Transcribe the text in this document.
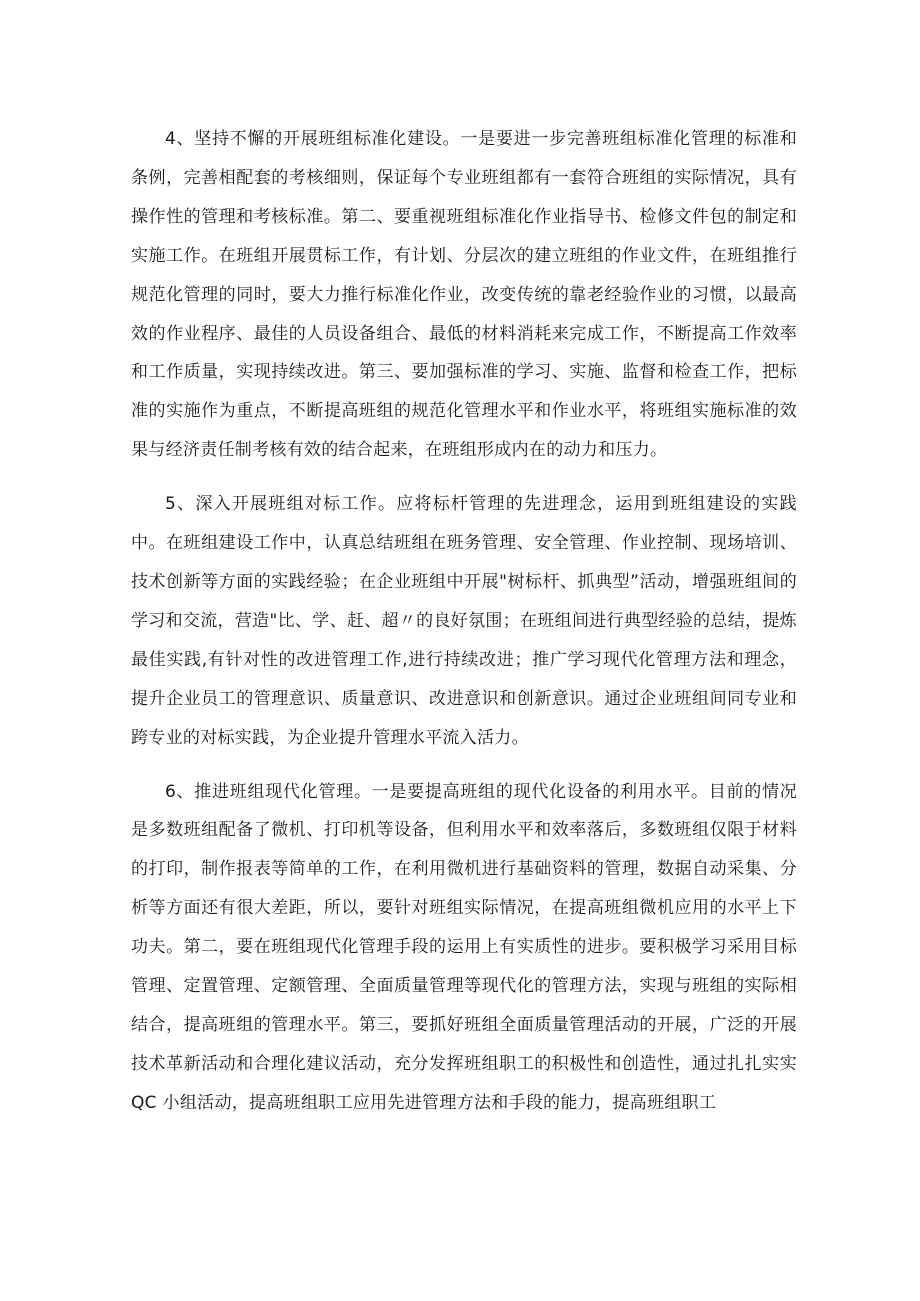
4、坚持不懈的开展班组标准化建设。一是要进一步完善班组标准化管理的标准和条例，完善相配套的考核细则，保证每个专业班组都有一套符合班组的实际情况，具有操作性的管理和考核标准。第二、要重视班组标准化作业指导书、检修文件包的制定和实施工作。在班组开展贯标工作，有计划、分层次的建立班组的作业文件，在班组推行规范化管理的同时，要大力推行标准化作业，改变传统的靠老经验作业的习惯，以最高效的作业程序、最佳的人员设备组合、最低的材料消耗来完成工作，不断提高工作效率和工作质量，实现持续改进。第三、要加强标准的学习、实施、监督和检查工作，把标准的实施作为重点，不断提高班组的规范化管理水平和作业水平，将班组实施标准的效果与经济责任制考核有效的结合起来，在班组形成内在的动力和压力。

5、深入开展班组对标工作。应将标杆管理的先进理念，运用到班组建设的实践中。在班组建设工作中，认真总结班组在班务管理、安全管理、作业控制、现场培训、技术创新等方面的实践经验；在企业班组中开展"树标杆、抓典型”活动，增强班组间的学习和交流，营造"比、学、赶、超〃的良好氛围；在班组间进行典型经验的总结，提炼最佳实践,有针对性的改进管理工作,进行持续改进；推广学习现代化管理方法和理念，提升企业员工的管理意识、质量意识、改进意识和创新意识。通过企业班组间同专业和跨专业的对标实践，为企业提升管理水平流入活力。

6、推进班组现代化管理。一是要提高班组的现代化设备的利用水平。目前的情况是多数班组配备了微机、打印机等设备，但利用水平和效率落后，多数班组仅限于材料的打印，制作报表等简单的工作，在利用微机进行基础资料的管理，数据自动采集、分析等方面还有很大差距，所以，要针对班组实际情况，在提高班组微机应用的水平上下功夫。第二，要在班组现代化管理手段的运用上有实质性的进步。要积极学习采用目标管理、定置管理、定额管理、全面质量管理等现代化的管理方法，实现与班组的实际相结合，提高班组的管理水平。第三，要抓好班组全面质量管理活动的开展，广泛的开展技术革新活动和合理化建议活动，充分发挥班组职工的积极性和创造性，通过扎扎实实 QC 小组活动，提高班组职工应用先进管理方法和手段的能力，提高班组职工
